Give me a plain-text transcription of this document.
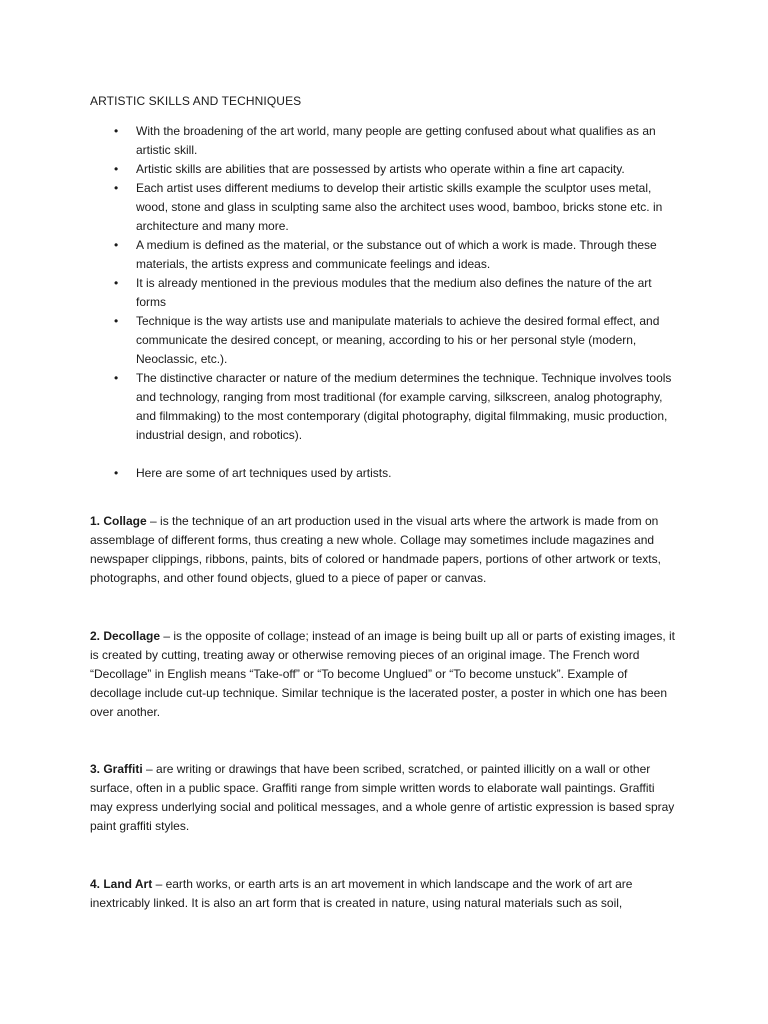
ARTISTIC SKILLS AND TECHNIQUES
• With the broadening of the art world, many people are getting confused about what qualifies as an artistic skill.
• Artistic skills are abilities that are possessed by artists who operate within a fine art capacity.
• Each artist uses different mediums to develop their artistic skills example the sculptor uses metal, wood, stone and glass in sculpting same also the architect uses wood, bamboo, bricks stone etc. in architecture and many more.
• A medium is defined as the material, or the substance out of which a work is made. Through these materials, the artists express and communicate feelings and ideas.
• It is already mentioned in the previous modules that the medium also defines the nature of the art forms
• Technique is the way artists use and manipulate materials to achieve the desired formal effect, and communicate the desired concept, or meaning, according to his or her personal style (modern, Neoclassic, etc.).
• The distinctive character or nature of the medium determines the technique. Technique involves tools and technology, ranging from most traditional (for example carving, silkscreen, analog photography, and filmmaking) to the most contemporary (digital photography, digital filmmaking, music production, industrial design, and robotics).
• Here are some of art techniques used by artists.

1. Collage – is the technique of an art production used in the visual arts where the artwork is made from on assemblage of different forms, thus creating a new whole. Collage may sometimes include magazines and newspaper clippings, ribbons, paints, bits of colored or handmade papers, portions of other artwork or texts, photographs, and other found objects, glued to a piece of paper or canvas.

2. Decollage – is the opposite of collage; instead of an image is being built up all or parts of existing images, it is created by cutting, treating away or otherwise removing pieces of an original image. The French word “Decollage” in English means “Take-off” or “To become Unglued” or “To become unstuck”. Example of decollage include cut-up technique. Similar technique is the lacerated poster, a poster in which one has been over another.

3. Graffiti – are writing or drawings that have been scribed, scratched, or painted illicitly on a wall or other surface, often in a public space. Graffiti range from simple written words to elaborate wall paintings. Graffiti may express underlying social and political messages, and a whole genre of artistic expression is based spray paint graffiti styles.

4. Land Art – earth works, or earth arts is an art movement in which landscape and the work of art are inextricably linked. It is also an art form that is created in nature, using natural materials such as soil,
